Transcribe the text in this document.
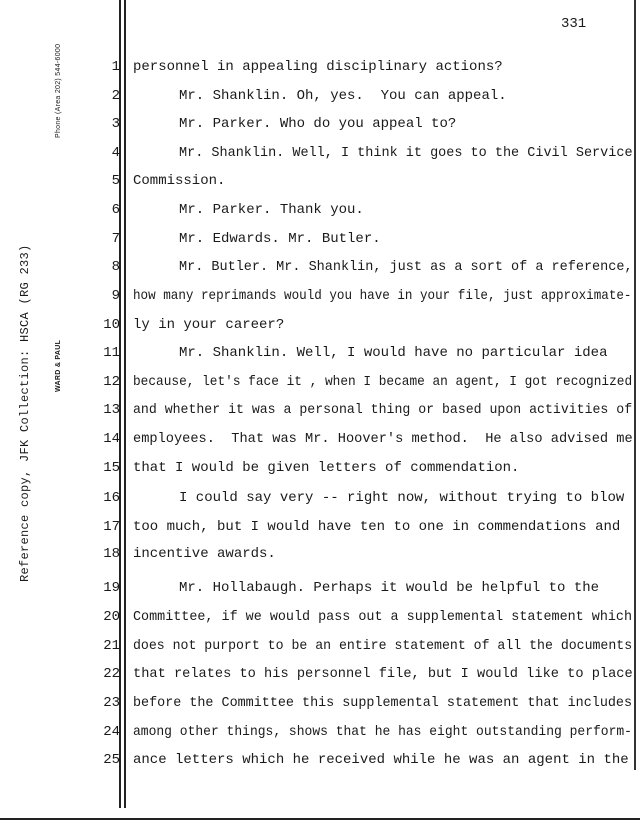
331
Reference copy, JFK Collection: HSCA (RG 233)
Phone (Area 202) 544-6000
WARD & PAUL
1 personnel in appealing disciplinary actions?
2	Mr. Shanklin. Oh, yes.  You can appeal.
3	Mr. Parker. Who do you appeal to?
4	Mr. Shanklin. Well, I think it goes to the Civil Service
5 Commission.
6	Mr. Parker. Thank you.
7	Mr. Edwards. Mr. Butler.
8	Mr. Butler. Mr. Shanklin, just as a sort of a reference,
9 how many reprimands would you have in your file, just approximate-
10 ly in your career?
11	Mr. Shanklin. Well, I would have no particular idea
12 because, let's face it , when I became an agent, I got recognized
13 and whether it was a personal thing or based upon activities of
14 employees.  That was Mr. Hoover's method.  He also advised me
15 that I would be given letters of commendation.
16	I could say very -- right now, without trying to blow
17 too much, but I would have ten to one in commendations and
18 incentive awards.
19	Mr. Hollabaugh. Perhaps it would be helpful to the
20 Committee, if we would pass out a supplemental statement which
21 does not purport to be an entire statement of all the documents
22 that relates to his personnel file, but I would like to place
23 before the Committee this supplemental statement that includes
24 among other things, shows that he has eight outstanding perform-
25 ance letters which he received while he was an agent in the
